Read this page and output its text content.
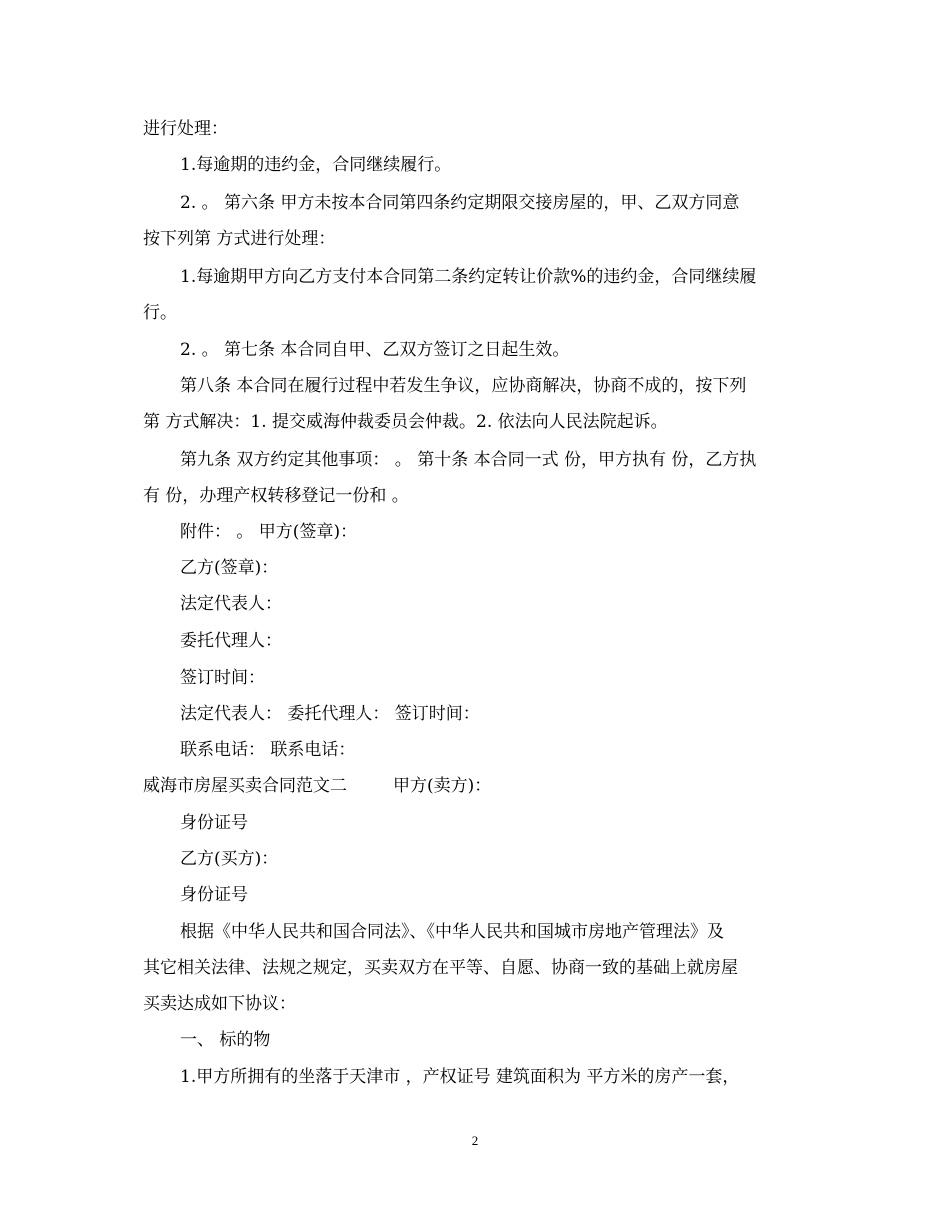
进行处理：
1.每逾期的违约金，合同继续履行。
2. 。 第六条 甲方未按本合同第四条约定期限交接房屋的，甲、乙双方同意
按下列第 方式进行处理：
1.每逾期甲方向乙方支付本合同第二条约定转让价款%的违约金，合同继续履
行。
2. 。 第七条 本合同自甲、乙双方签订之日起生效。
第八条 本合同在履行过程中若发生争议，应协商解决，协商不成的，按下列
第 方式解决：1. 提交威海仲裁委员会仲裁。2. 依法向人民法院起诉。
第九条 双方约定其他事项： 。 第十条 本合同一式 份，甲方执有 份，乙方执
有 份，办理产权转移登记一份和 。
附件： 。 甲方(签章)：
乙方(签章)：
法定代表人：
委托代理人：
签订时间：
法定代表人： 委托代理人： 签订时间：
联系电话： 联系电话：
威海市房屋买卖合同范文二	甲方(卖方)：
身份证号
乙方(买方)：
身份证号
根据《中华人民共和国合同法》、《中华人民共和国城市房地产管理法》及
其它相关法律、法规之规定，买卖双方在平等、自愿、协商一致的基础上就房屋
买卖达成如下协议：
一、 标的物
1.甲方所拥有的坐落于天津市 ，产权证号 建筑面积为 平方米的房产一套，
2
